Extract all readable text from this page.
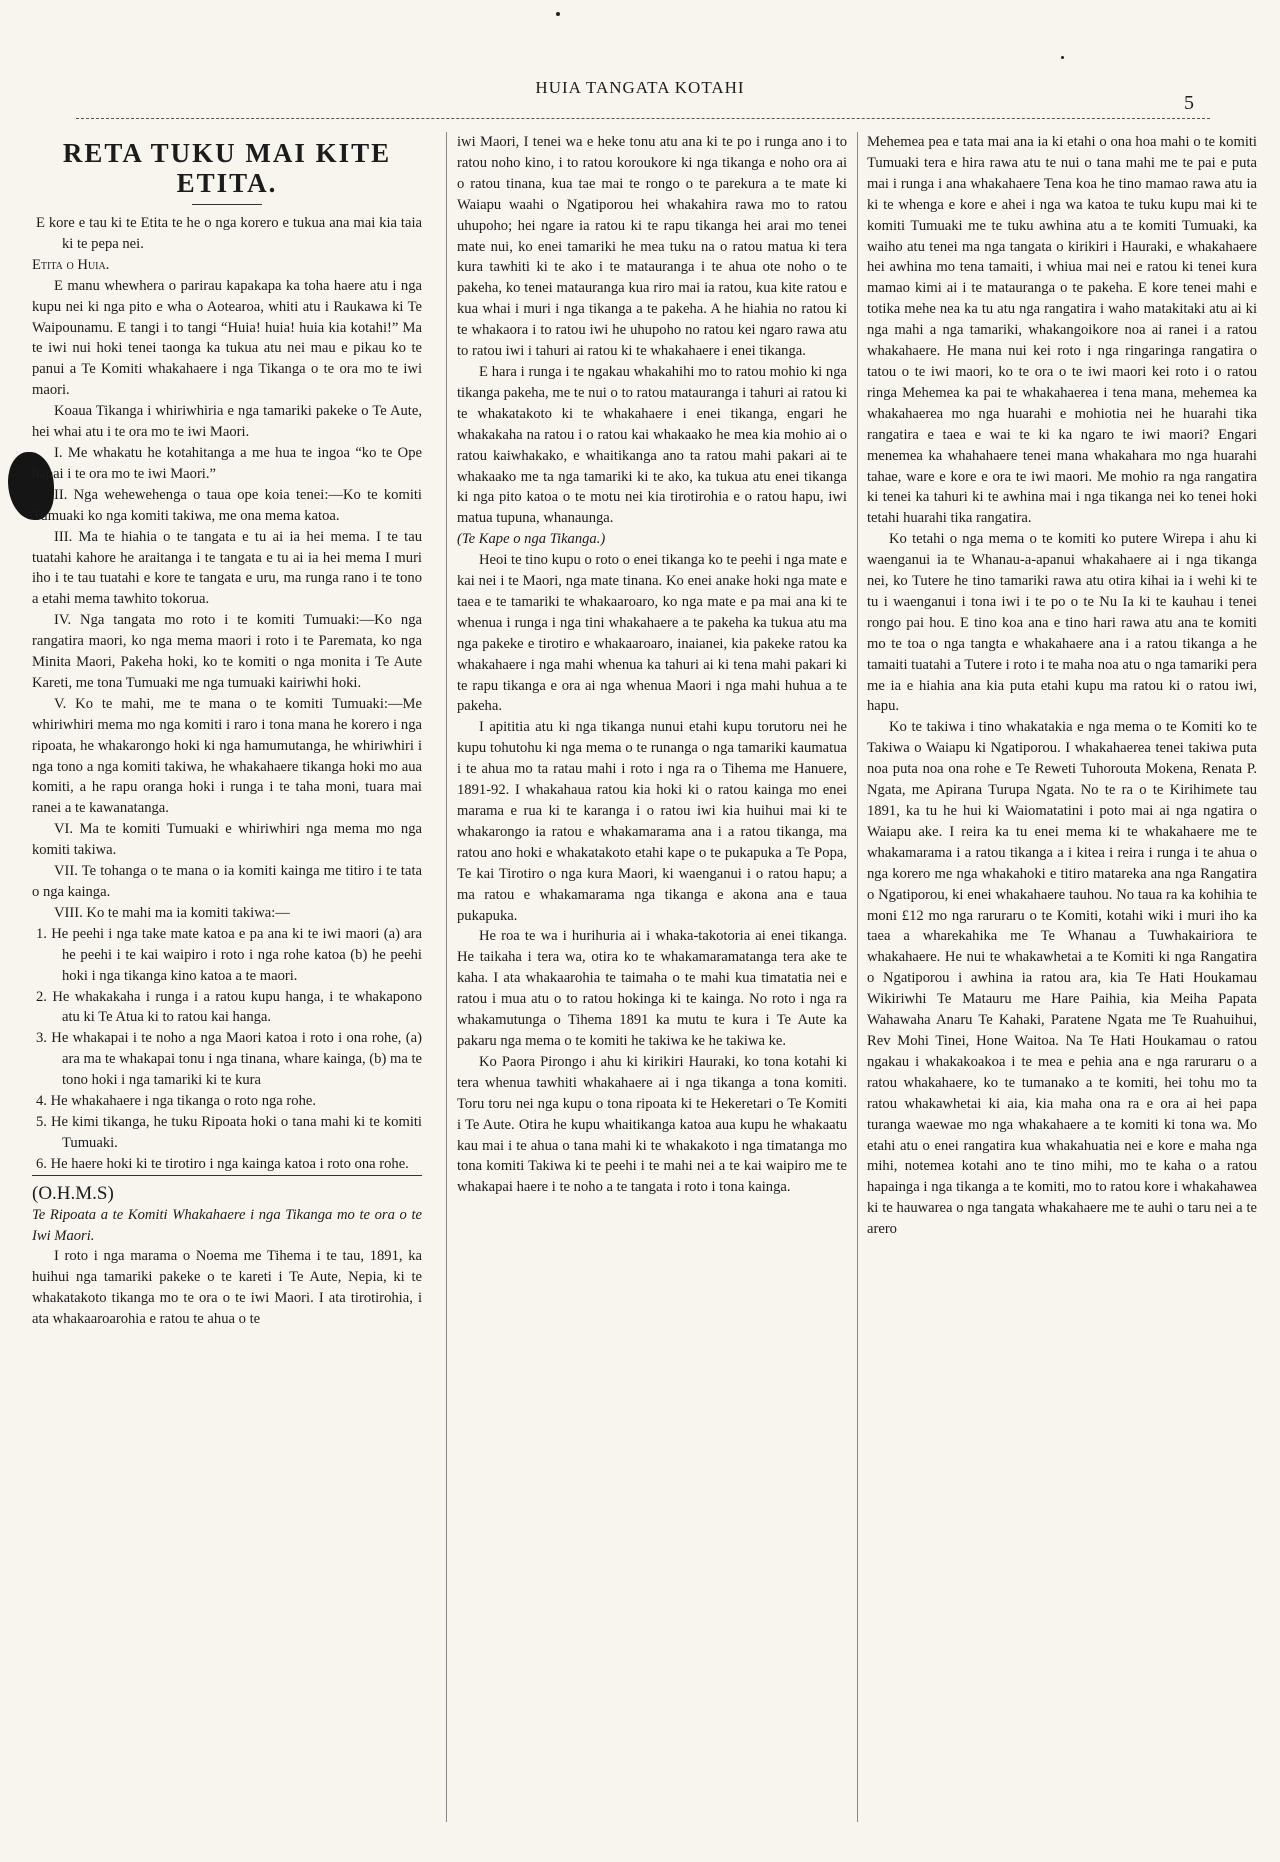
HUIA TANGATA KOTAHI
5
RETA TUKU MAI KITE ETITA.

E kore e tau ki te Etita te he o nga korero e tukua ana mai kia taia ki te pepa nei.

Etita o Huia.

E manu whewhera o parirau kapakapa ka toha haere atu i nga kupu nei ki nga pito e wha o Aotearoa, whiti atu i Raukawa ki Te Waipounamu. E tangi i to tangi “Huia! huia! huia kia kotahi!” Ma te iwi nui hoki tenei taonga ka tukua atu nei mau e pikau ko te panui a Te Komiti whakahaere i nga Tikanga o te ora mo te iwi maori.

Koaua Tikanga i whiriwhiria e nga tamariki pakeke o Te Aute, hei whai atu i te ora mo te iwi Maori.

I. Me whakatu he kotahitanga a me hua te ingoa “ko te Ope hapai i te ora mo te iwi Maori.”

II. Nga wehewehenga o taua ope koia tenei:—Ko te komiti Tumuaki ko nga komiti takiwa, me ona mema katoa.

III. Ma te hiahia o te tangata e tu ai ia hei mema. I te tau tuatahi kahore he araitanga i te tangata e tu ai ia hei mema I muri iho i te tau tuatahi e kore te tangata e uru, ma runga rano i te tono a etahi mema tawhito tokorua.

IV. Nga tangata mo roto i te komiti Tumuaki:—Ko nga rangatira maori, ko nga mema maori i roto i te Paremata, ko nga Minita Maori, Pakeha hoki, ko te komiti o nga monita i Te Aute Kareti, me tona Tumuaki me nga tumuaki kairiwhi hoki.

V. Ko te mahi, me te mana o te komiti Tumuaki:—Me whiriwhiri mema mo nga komiti i raro i tona mana he korero i nga ripoata, he whakarongo hoki ki nga hamumutanga, he whiriwhiri i nga tono a nga komiti takiwa, he whakahaere tikanga hoki mo aua komiti, a he rapu oranga hoki i runga i te taha moni, tuara mai ranei a te kawanatanga.

VI. Ma te komiti Tumuaki e whiriwhiri nga mema mo nga komiti takiwa.

VII. Te tohanga o te mana o ia komiti kainga me titiro i te tata o nga kainga.

VIII. Ko te mahi ma ia komiti takiwa:—

1. He peehi i nga take mate katoa e pa ana ki te iwi maori (a) ara he peehi i te kai waipiro i roto i nga rohe katoa (b) he peehi hoki i nga tikanga kino katoa a te maori.

2. He whakakaha i runga i a ratou kupu hanga, i te whakapono atu ki Te Atua ki to ratou kai hanga.

3. He whakapai i te noho a nga Maori katoa i roto i ona rohe, (a) ara ma te whakapai tonu i nga tinana, whare kainga, (b) ma te tono hoki i nga tamariki ki te kura

4. He whakahaere i nga tikanga o roto nga rohe.

5. He kimi tikanga, he tuku Ripoata hoki o tana mahi ki te komiti Tumuaki.

6. He haere hoki ki te tirotiro i nga kainga katoa i roto ona rohe.

(O.H.M.S)

Te Ripoata a te Komiti Whakahaere i nga Tikanga mo te ora o te Iwi Maori.

I roto i nga marama o Noema me Tihema i te tau, 1891, ka huihui nga tamariki pakeke o te kareti i Te Aute, Nepia, ki te whakatakoto tikanga mo te ora o te iwi Maori. I ata tirotirohia, i ata whakaaroarohia e ratou te ahua o te

iwi Maori, I tenei wa e heke tonu atu ana ki te po i runga ano i to ratou noho kino, i to ratou koroukore ki nga tikanga e noho ora ai o ratou tinana, kua tae mai te rongo o te parekura a te mate ki Waiapu waahi o Ngatiporou hei whakahira rawa mo to ratou uhupoho; hei ngare ia ratou ki te rapu tikanga hei arai mo tenei mate nui, ko enei tamariki he mea tuku na o ratou matua ki tera kura tawhiti ki te ako i te matauranga i te ahua ote noho o te pakeha, ko tenei matauranga kua riro mai ia ratou, kua kite ratou e kua whai i muri i nga tikanga a te pakeha. A he hiahia no ratou ki te whakaora i to ratou iwi he uhupoho no ratou kei ngaro rawa atu to ratou iwi i tahuri ai ratou ki te whakahaere i enei tikanga.

E hara i runga i te ngakau whakahihi mo to ratou mohio ki nga tikanga pakeha, me te nui o to ratou matauranga i tahuri ai ratou ki te whakatakoto ki te whakahaere i enei tikanga, engari he whakakaha na ratou i o ratou kai whakaako he mea kia mohio ai o ratou kaiwhakako, e whaitikanga ano ta ratou mahi pakari ai te whakaako me ta nga tamariki ki te ako, ka tukua atu enei tikanga ki nga pito katoa o te motu nei kia tirotirohia e o ratou hapu, iwi matua tupuna, whanaunga.

(Te Kape o nga Tikanga.)

Heoi te tino kupu o roto o enei tikanga ko te peehi i nga mate e kai nei i te Maori, nga mate tinana. Ko enei anake hoki nga mate e taea e te tamariki te whakaaroaro, ko nga mate e pa mai ana ki te whenua i runga i nga tini whakahaere a te pakeha ka tukua atu ma nga pakeke e tirotiro e whakaaroaro, inaianei, kia pakeke ratou ka whakahaere i nga mahi whenua ka tahuri ai ki tena mahi pakari ki te rapu tikanga e ora ai nga whenua Maori i nga mahi huhua a te pakeha.

I apititia atu ki nga tikanga nunui etahi kupu torutoru nei he kupu tohutohu ki nga mema o te runanga o nga tamariki kaumatua i te ahua mo ta ratau mahi i roto i nga ra o Tihema me Hanuere, 1891-92. I whakahaua ratou kia hoki ki o ratou kainga mo enei marama e rua ki te karanga i o ratou iwi kia huihui mai ki te whakarongo ia ratou e whakamarama ana i a ratou tikanga, ma ratou ano hoki e whakatakoto etahi kape o te pukapuka a Te Popa, Te kai Tirotiro o nga kura Maori, ki waenganui i o ratou hapu; a ma ratou e whakamarama nga tikanga e akona ana e taua pukapuka.

He roa te wa i hurihuria ai i whaka-takotoria ai enei tikanga. He taikaha i tera wa, otira ko te whakamaramatanga tera ake te kaha. I ata whakaarohia te taimaha o te mahi kua timatatia nei e ratou i mua atu o to ratou hokinga ki te kainga. No roto i nga ra whakamutunga o Tihema 1891 ka mutu te kura i Te Aute ka pakaru nga mema o te komiti he takiwa ke he takiwa ke.

Ko Paora Pirongo i ahu ki kirikiri Hauraki, ko tona kotahi ki tera whenua tawhiti whakahaere ai i nga tikanga a tona komiti. Toru toru nei nga kupu o tona ripoata ki te Hekeretari o Te Komiti i Te Aute. Otira he kupu whaitikanga katoa aua kupu he whakaatu kau mai i te ahua o tana mahi ki te whakakoto i nga timatanga mo tona komiti Takiwa ki te peehi i te mahi nei a te kai waipiro me te whakapai haere i te noho a te tangata i roto i tona kainga.

Mehemea pea e tata mai ana ia ki etahi o ona hoa mahi o te komiti Tumuaki tera e hira rawa atu te nui o tana mahi me te pai e puta mai i runga i ana whakahaere Tena koa he tino mamao rawa atu ia ki te whenga e kore e ahei i nga wa katoa te tuku kupu mai ki te komiti Tumuaki me te tuku awhina atu a te komiti Tumuaki, ka waiho atu tenei ma nga tangata o kirikiri i Hauraki, e whakahaere hei awhina mo tena tamaiti, i whiua mai nei e ratou ki tenei kura mamao kimi ai i te matauranga o te pakeha. E kore tenei mahi e totika mehe nea ka tu atu nga rangatira i waho matakitaki atu ai ki nga mahi a nga tamariki, whakangoikore noa ai ranei i a ratou whakahaere. He mana nui kei roto i nga ringaringa rangatira o tatou o te iwi maori, ko te ora o te iwi maori kei roto i o ratou ringa Mehemea ka pai te whakahaerea i tena mana, mehemea ka whakahaerea mo nga huarahi e mohiotia nei he huarahi tika rangatira e taea e wai te ki ka ngaro te iwi maori? Engari menemea ka whahahaere tenei mana whakahara mo nga huarahi tahae, ware e kore e ora te iwi maori. Me mohio ra nga rangatira ki tenei ka tahuri ki te awhina mai i nga tikanga nei ko tenei hoki tetahi huarahi tika rangatira.

Ko tetahi o nga mema o te komiti ko putere Wirepa i ahu ki waenganui ia te Whanau-a-apanui whakahaere ai i nga tikanga nei, ko Tutere he tino tamariki rawa atu otira kihai ia i wehi ki te tu i waenganui i tona iwi i te po o te Nu Ia ki te kauhau i tenei rongo pai hou. E tino koa ana e tino hari rawa atu ana te komiti mo te toa o nga tangta e whakahaere ana i a ratou tikanga a he tamaiti tuatahi a Tutere i roto i te maha noa atu o nga tamariki pera me ia e hiahia ana kia puta etahi kupu ma ratou ki o ratou iwi, hapu.

Ko te takiwa i tino whakatakia e nga mema o te Komiti ko te Takiwa o Waiapu ki Ngatiporou. I whakahaerea tenei takiwa puta noa puta noa ona rohe e Te Reweti Tuhorouta Mokena, Renata P. Ngata, me Apirana Turupa Ngata. No te ra o te Kirihimete tau 1891, ka tu he hui ki Waiomatatini i poto mai ai nga ngatira o Waiapu ake. I reira ka tu enei mema ki te whakahaere me te whakamarama i a ratou tikanga a i kitea i reira i runga i te ahua o nga korero me nga whakahoki e titiro matareka ana nga Rangatira o Ngatiporou, ki enei whakahaere tauhou. No taua ra ka kohihia te moni £12 mo nga raruraru o te Komiti, kotahi wiki i muri iho ka taea a wharekahika me Te Whanau a Tuwhakairiora te whakahaere. He nui te whakawhetai a te Komiti ki nga Rangatira o Ngatiporou i awhina ia ratou ara, kia Te Hati Houkamau Wikiriwhi Te Matauru me Hare Paihia, kia Meiha Papata Wahawaha Anaru Te Kahaki, Paratene Ngata me Te Ruahuihui, Rev Mohi Tinei, Hone Waitoa. Na Te Hati Houkamau o ratou ngakau i whakakoakoa i te mea e pehia ana e nga raruraru o a ratou whakahaere, ko te tumanako a te komiti, hei tohu mo ta ratou whakawhetai ki aia, kia maha ona ra e ora ai hei papa turanga waewae mo nga whakahaere a te komiti ki tona wa. Mo etahi atu o enei rangatira kua whakahuatia nei e kore e maha nga mihi, notemea kotahi ano te tino mihi, mo te kaha o a ratou hapainga i nga tikanga a te komiti, mo to ratou kore i whakahawea ki te hauwarea o nga tangata whakahaere me te auhi o taru nei a te arero
